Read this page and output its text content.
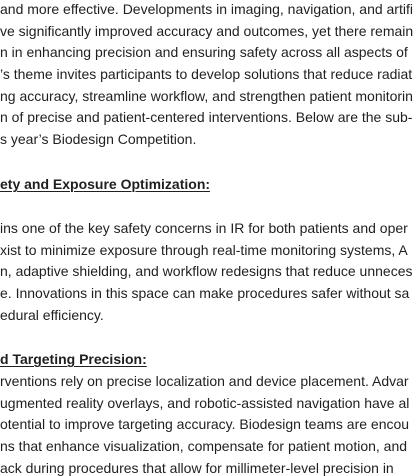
and more effective. Developments in imaging, navigation, and artifi
ve significantly improved accuracy and outcomes, yet there remain
n in enhancing precision and ensuring safety across all aspects of
’s theme invites participants to develop solutions that reduce radiat
ng accuracy, streamline workflow, and strengthen patient monitorin
n of precise and patient-centered interventions. Below are the sub-
s year’s Biodesign Competition.
ety and Exposure Optimization:
ins one of the key safety concerns in IR for both patients and oper
xist to minimize exposure through real-time monitoring systems, A
n, adaptive shielding, and workflow redesigns that reduce unneces
e. Innovations in this space can make procedures safer without sa
edural efficiency.
d Targeting Precision:
rventions rely on precise localization and device placement. Advar
ugmented reality overlays, and robotic-assisted navigation have al
otential to improve targeting accuracy. Biodesign teams are encou
ns that enhance visualization, compensate for patient motion, and
ack during procedures that allow for millimeter-level precision in
